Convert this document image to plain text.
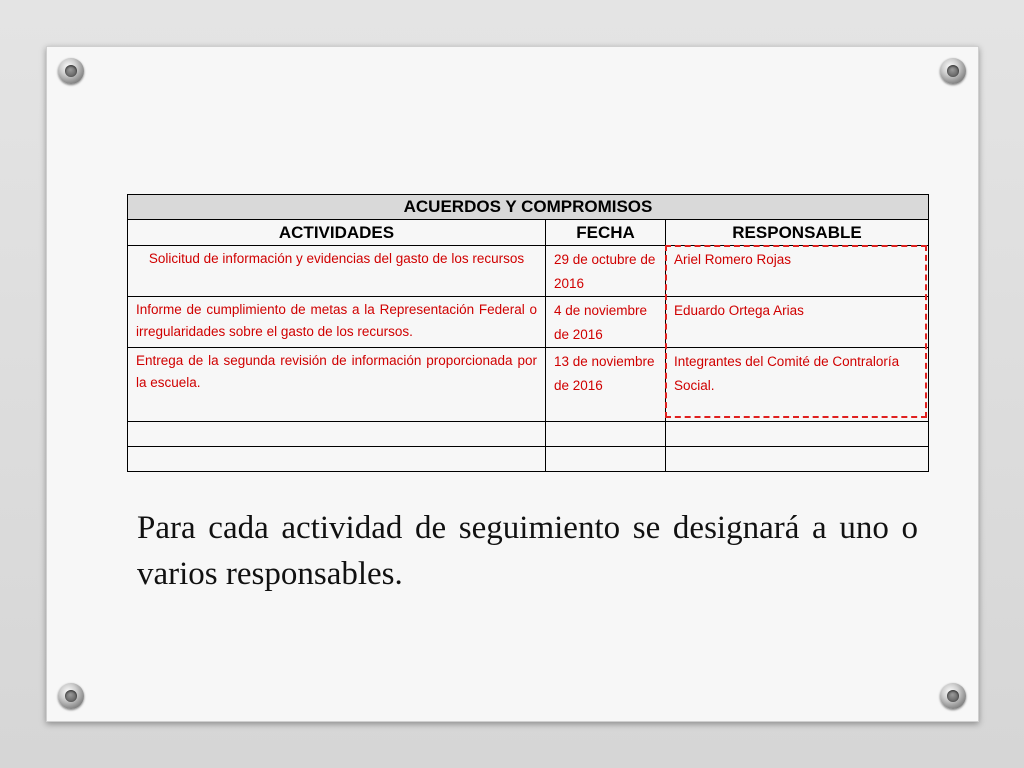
ACUERDOS Y COMPROMISOS		
ACTIVIDADES	FECHA	RESPONSABLE
Solicitud de información y evidencias del gasto de los recursos	29 de octubre de 2016	Ariel Romero Rojas
Informe de cumplimiento de metas a la Representación Federal o irregularidades sobre el gasto de los recursos.	4 de noviembre de 2016	Eduardo Ortega Arias
Entrega de la segunda revisión de información proporcionada por la escuela.	13 de noviembre de 2016	Integrantes del Comité de Contraloría Social.

Para cada actividad de seguimiento se designará a uno o varios responsables.
